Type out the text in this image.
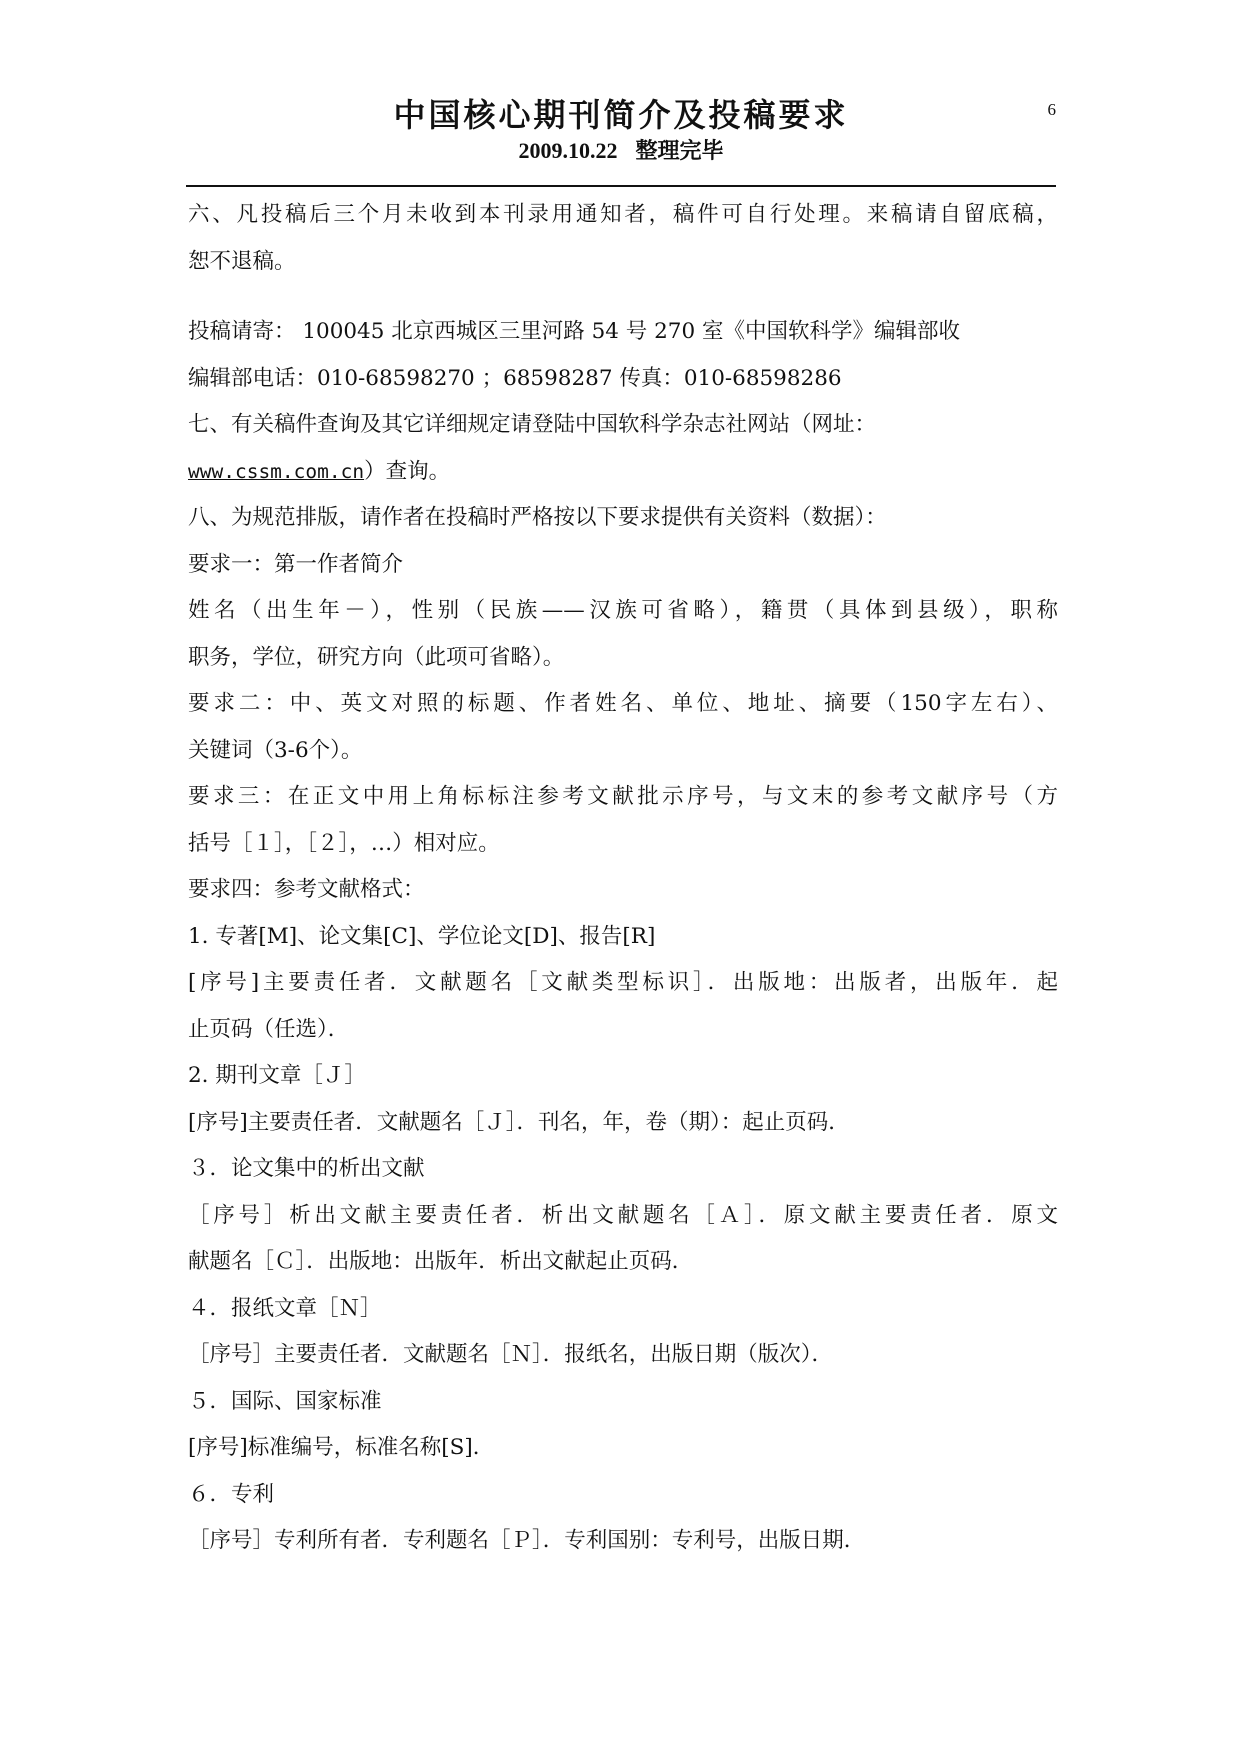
中国核心期刊简介及投稿要求
2009.10.22 整理完毕
6
六、凡投稿后三个月未收到本刊录用通知者，稿件可自行处理。来稿请自留底稿，
恕不退稿。
投稿请寄： 100045 北京西城区三里河路 54 号 270 室《中国软科学》编辑部收
编辑部电话：010-68598270 ；68598287 传真：010-68598286
七、有关稿件查询及其它详细规定请登陆中国软科学杂志社网站（网址：
www.cssm.com.cn）查询。
八、为规范排版，请作者在投稿时严格按以下要求提供有关资料（数据）：
要求一：第一作者简介
姓名（出生年－），性别（民族——汉族可省略），籍贯（具体到县级），职称
职务，学位，研究方向（此项可省略）。
要求二：中、英文对照的标题、作者姓名、单位、地址、摘要（150字左右）、
关键词（3-6个）。
要求三：在正文中用上角标标注参考文献批示序号，与文末的参考文献序号（方
括号［１］，［２］，…）相对应。
要求四：参考文献格式：
1. 专著[M]、论文集[C]、学位论文[D]、报告[R]
[序号]主要责任者．文献题名［文献类型标识］．出版地：出版者，出版年．起
止页码（任选）．
2. 期刊文章［Ｊ］
[序号]主要责任者．文献题名［Ｊ］．刊名，年，卷（期）：起止页码．
３．论文集中的析出文献
［序号］析出文献主要责任者．析出文献题名［Ａ］．原文献主要责任者．原文
献题名［Ｃ］．出版地：出版年．析出文献起止页码．
４．报纸文章［Ｎ］
［序号］主要责任者．文献题名［Ｎ］．报纸名，出版日期（版次）．
５．国际、国家标准
[序号]标准编号，标准名称[S]．
６．专利
［序号］专利所有者．专利题名［Ｐ］．专利国别：专利号，出版日期．
